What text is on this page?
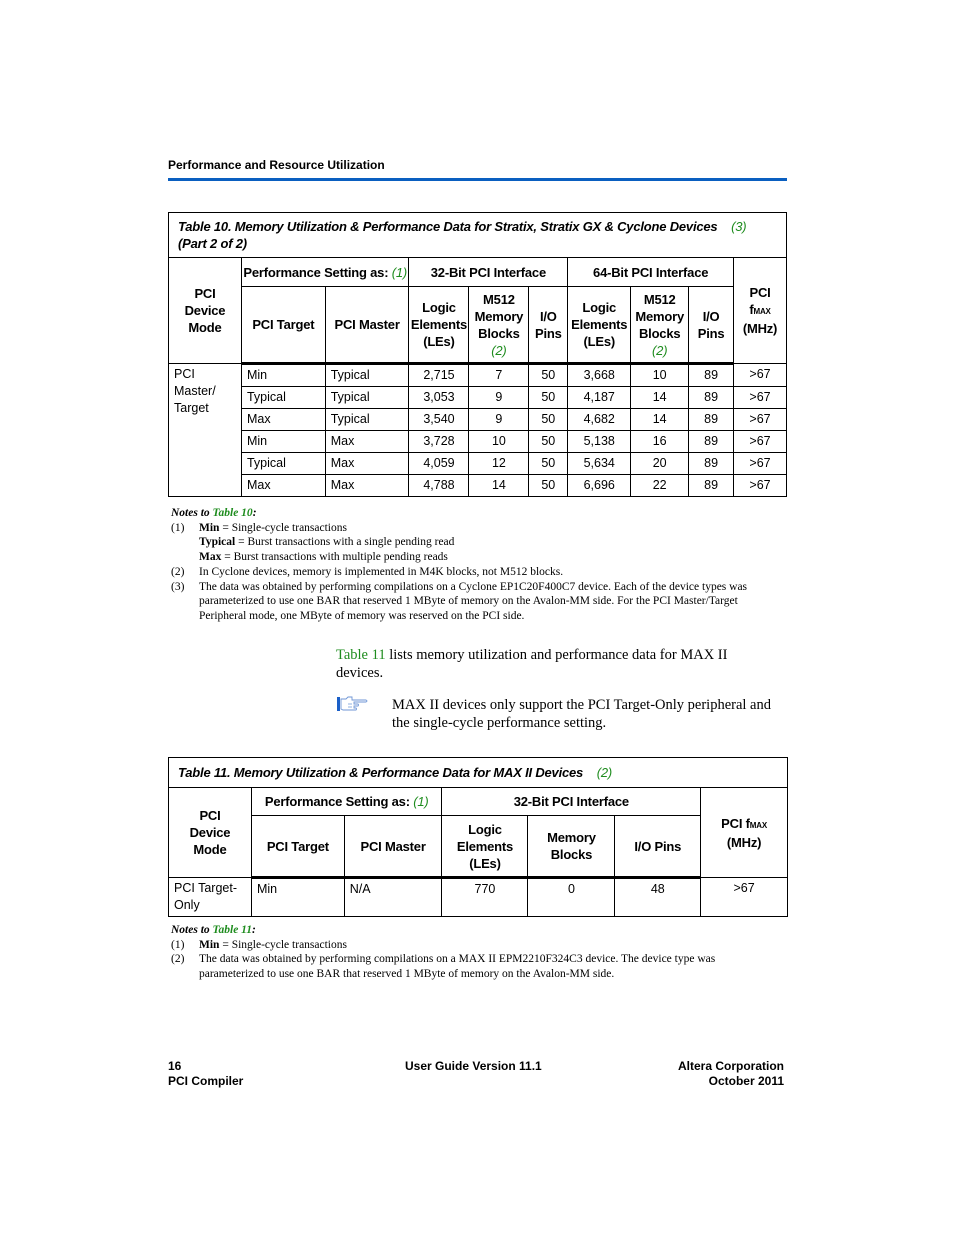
Performance and Resource Utilization
Table 10. Memory Utilization & Performance Data for Stratix, Stratix GX & Cyclone Devices (3)   (Part 2 of 2)									
PCI Device Mode	Performance Setting as: (1)		32-Bit PCI Interface			64-Bit PCI Interface			PCI
fMAX
(MHz)
	PCI Target	PCI Master	Logic Elements (LEs)	M512 Memory Blocks
(2)	I/O Pins	Logic Elements (LEs)	M512 Memory Blocks
(2)	I/O Pins	
PCI Master/ Target	Min	Typical	2,715	7	50	3,668	10	89	>67
	Typical	Typical	3,053	9	50	4,187	14	89	>67
	Max	Typical	3,540	9	50	4,682	14	89	>67
	Min	Max	3,728	10	50	5,138	16	89	>67
	Typical	Max	4,059	12	50	5,634	20	89	>67
	Max	Max	4,788	14	50	6,696	22	89	>67
Notes to Table 10:
(1) Min = Single-cycle transactions
Typical = Burst transactions with a single pending read
Max = Burst transactions with multiple pending reads
(2) In Cyclone devices, memory is implemented in M4K blocks, not M512 blocks.
(3) The data was obtained by performing compilations on a Cyclone EP1C20F400C7 device. Each of the device types was parameterized to use one BAR that reserved 1 MByte of memory on the Avalon-MM side. For the PCI Master/Target Peripheral mode, one MByte of memory was reserved on the PCI side.
Table 11 lists memory utilization and performance data for MAX II devices.
MAX II devices only support the PCI Target-Only peripheral and the single-cycle performance setting.
Table 11. Memory Utilization & Performance Data for MAX II Devices (2)						
PCI Device Mode	Performance Setting as: (1)		32-Bit PCI Interface			PCI fMAX
(MHz)
	PCI Target	PCI Master	Logic Elements (LEs)	Memory Blocks	I/O Pins	
PCI Target-Only	Min	N/A	770	0	48	>67
Notes to Table 11:
(1) Min = Single-cycle transactions
(2) The data was obtained by performing compilations on a MAX II EPM2210F324C3 device. The device type was parameterized to use one BAR that reserved 1 MByte of memory on the Avalon-MM side.
16
PCI Compiler
User Guide Version 11.1	Altera Corporation
October 2011
